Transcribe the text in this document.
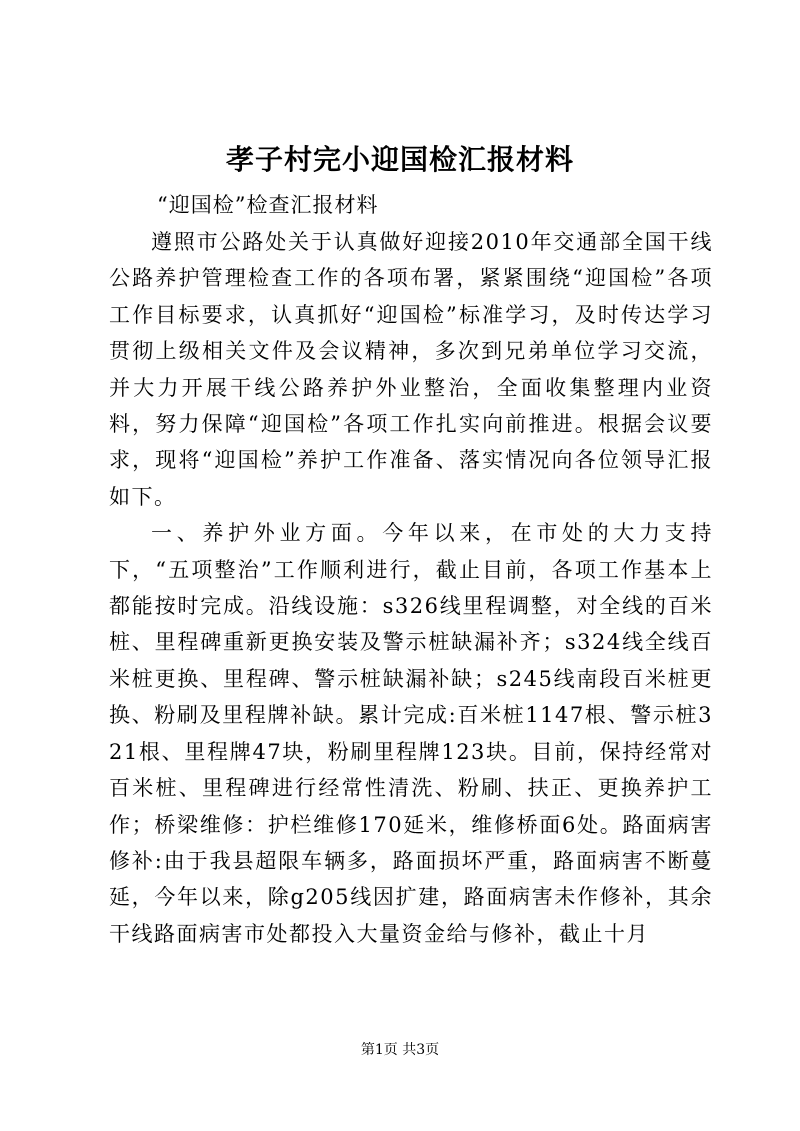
孝子村完小迎国检汇报材料

“迎国检”检查汇报材料

遵照市公路处关于认真做好迎接2010年交通部全国干线公路养护管理检查工作的各项布署，紧紧围绕“迎国检”各项工作目标要求，认真抓好“迎国检”标准学习，及时传达学习贯彻上级相关文件及会议精神，多次到兄弟单位学习交流，并大力开展干线公路养护外业整治，全面收集整理内业资料，努力保障“迎国检”各项工作扎实向前推进。根据会议要求，现将“迎国检”养护工作准备、落实情况向各位领导汇报如下。

一、养护外业方面。今年以来，在市处的大力支持下，“五项整治”工作顺利进行，截止目前，各项工作基本上都能按时完成。沿线设施：s326线里程调整，对全线的百米桩、里程碑重新更换安装及警示桩缺漏补齐；s324线全线百米桩更换、里程碑、警示桩缺漏补缺；s245线南段百米桩更换、粉刷及里程牌补缺。累计完成:百米桩1147根、警示桩321根、里程牌47块，粉刷里程牌123块。目前，保持经常对百米桩、里程碑进行经常性清洗、粉刷、扶正、更换养护工作；桥梁维修：护栏维修170延米，维修桥面6处。路面病害修补:由于我县超限车辆多，路面损坏严重，路面病害不断蔓延，今年以来，除g205线因扩建，路面病害未作修补，其余干线路面病害市处都投入大量资金给与修补，截止十月

第1页 共3页
